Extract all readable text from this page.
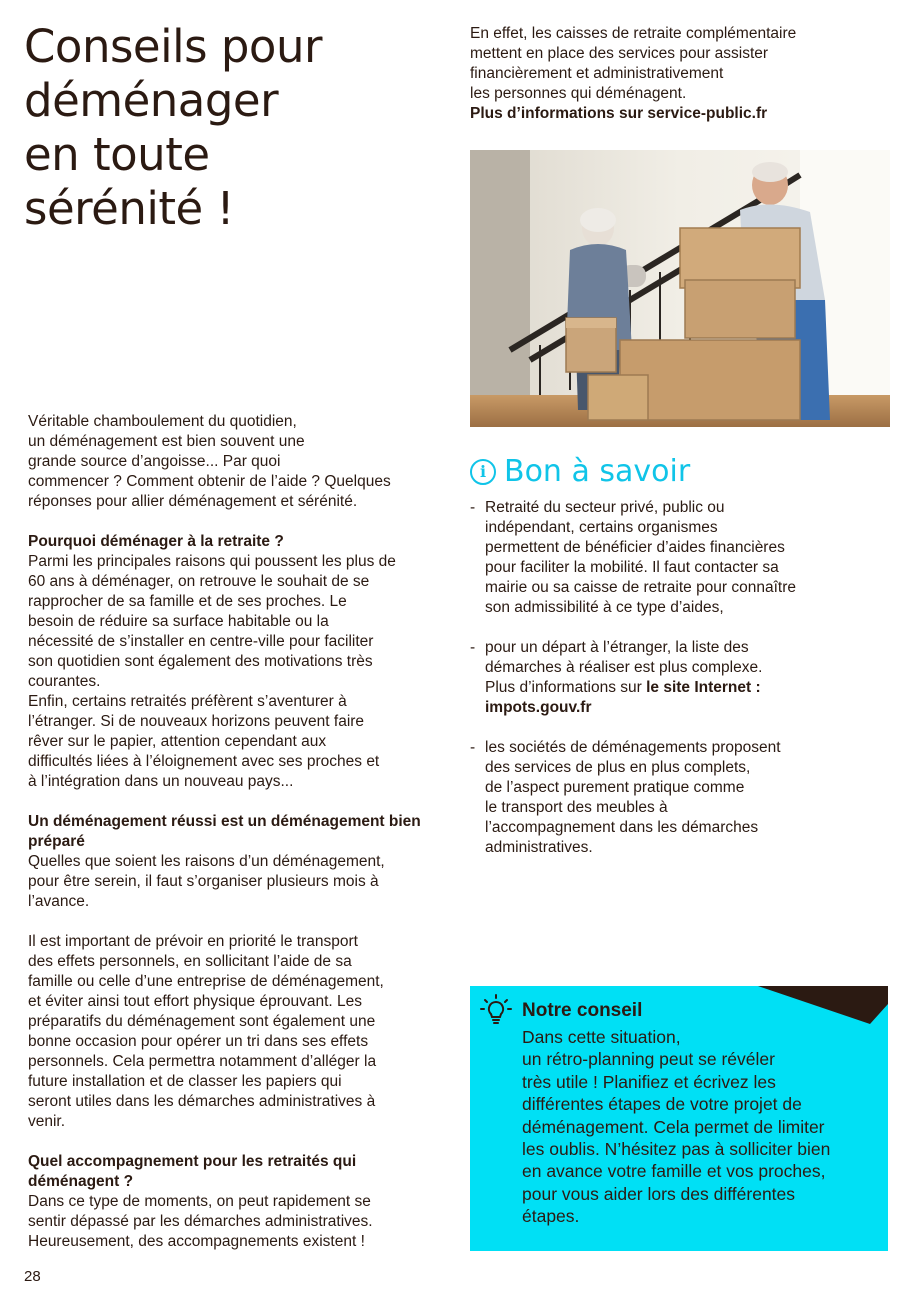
Conseils pour
déménager
en toute
sérénité !

En effet, les caisses de retraite complémentaire

mettent en place des services pour assister

financièrement et administrativement

les personnes qui déménagent.

Plus d’informations sur service-public.fr

Véritable chamboulement du quotidien,

un déménagement est bien souvent une

grande source d’angoisse... Par quoi

commencer ? Comment obtenir de l’aide ? Quelques

réponses pour allier déménagement et sérénité.

Pourquoi déménager à la retraite ?

Parmi les principales raisons qui poussent les plus de

60 ans à déménager, on retrouve le souhait de se

rapprocher de sa famille et de ses proches. Le

besoin de réduire sa surface habitable ou la

nécessité de s’installer en centre-ville pour faciliter

son quotidien sont également des motivations très

courantes.

Enfin, certains retraités préfèrent s’aventurer à

l’étranger. Si de nouveaux horizons peuvent faire

rêver sur le papier, attention cependant aux

difficultés liées à l’éloignement avec ses proches et

à l’intégration dans un nouveau pays...

Un déménagement réussi est un déménagement bien

préparé

Quelles que soient les raisons d’un déménagement,

pour être serein, il faut s’organiser plusieurs mois à

l’avance.

Il est important de prévoir en priorité le transport

des effets personnels, en sollicitant l’aide de sa

famille ou celle d’une entreprise de déménagement,

et éviter ainsi tout effort physique éprouvant. Les

préparatifs du déménagement sont également une

bonne occasion pour opérer un tri dans ses effets

personnels. Cela permettra notamment d’alléger la

future installation et de classer les papiers qui

seront utiles dans les démarches administratives à

venir.

Quel accompagnement pour les retraités qui

déménagent ?

Dans ce type de moments, on peut rapidement se

sentir dépassé par les démarches administratives.

Heureusement, des accompagnements existent !

i Bon à savoir
- Retraité du secteur privé, public ou

indépendant, certains organismes

permettent de bénéficier d’aides financières

pour faciliter la mobilité. Il faut contacter sa

mairie ou sa caisse de retraite pour connaître

son admissibilité à ce type d’aides,

- pour un départ à l’étranger, la liste des

démarches à réaliser est plus complexe.

Plus d’informations sur le site Internet :

impots.gouv.fr

- les sociétés de déménagements proposent

des services de plus en plus complets,

de l’aspect purement pratique comme

le transport des meubles à

l’accompagnement dans les démarches

administratives.

Notre conseil

Dans cette situation,

un rétro-planning peut se révéler

très utile ! Planifiez et écrivez les

différentes étapes de votre projet de

déménagement. Cela permet de limiter

les oublis. N’hésitez pas à solliciter bien

en avance votre famille et vos proches,

pour vous aider lors des différentes

étapes.

28
